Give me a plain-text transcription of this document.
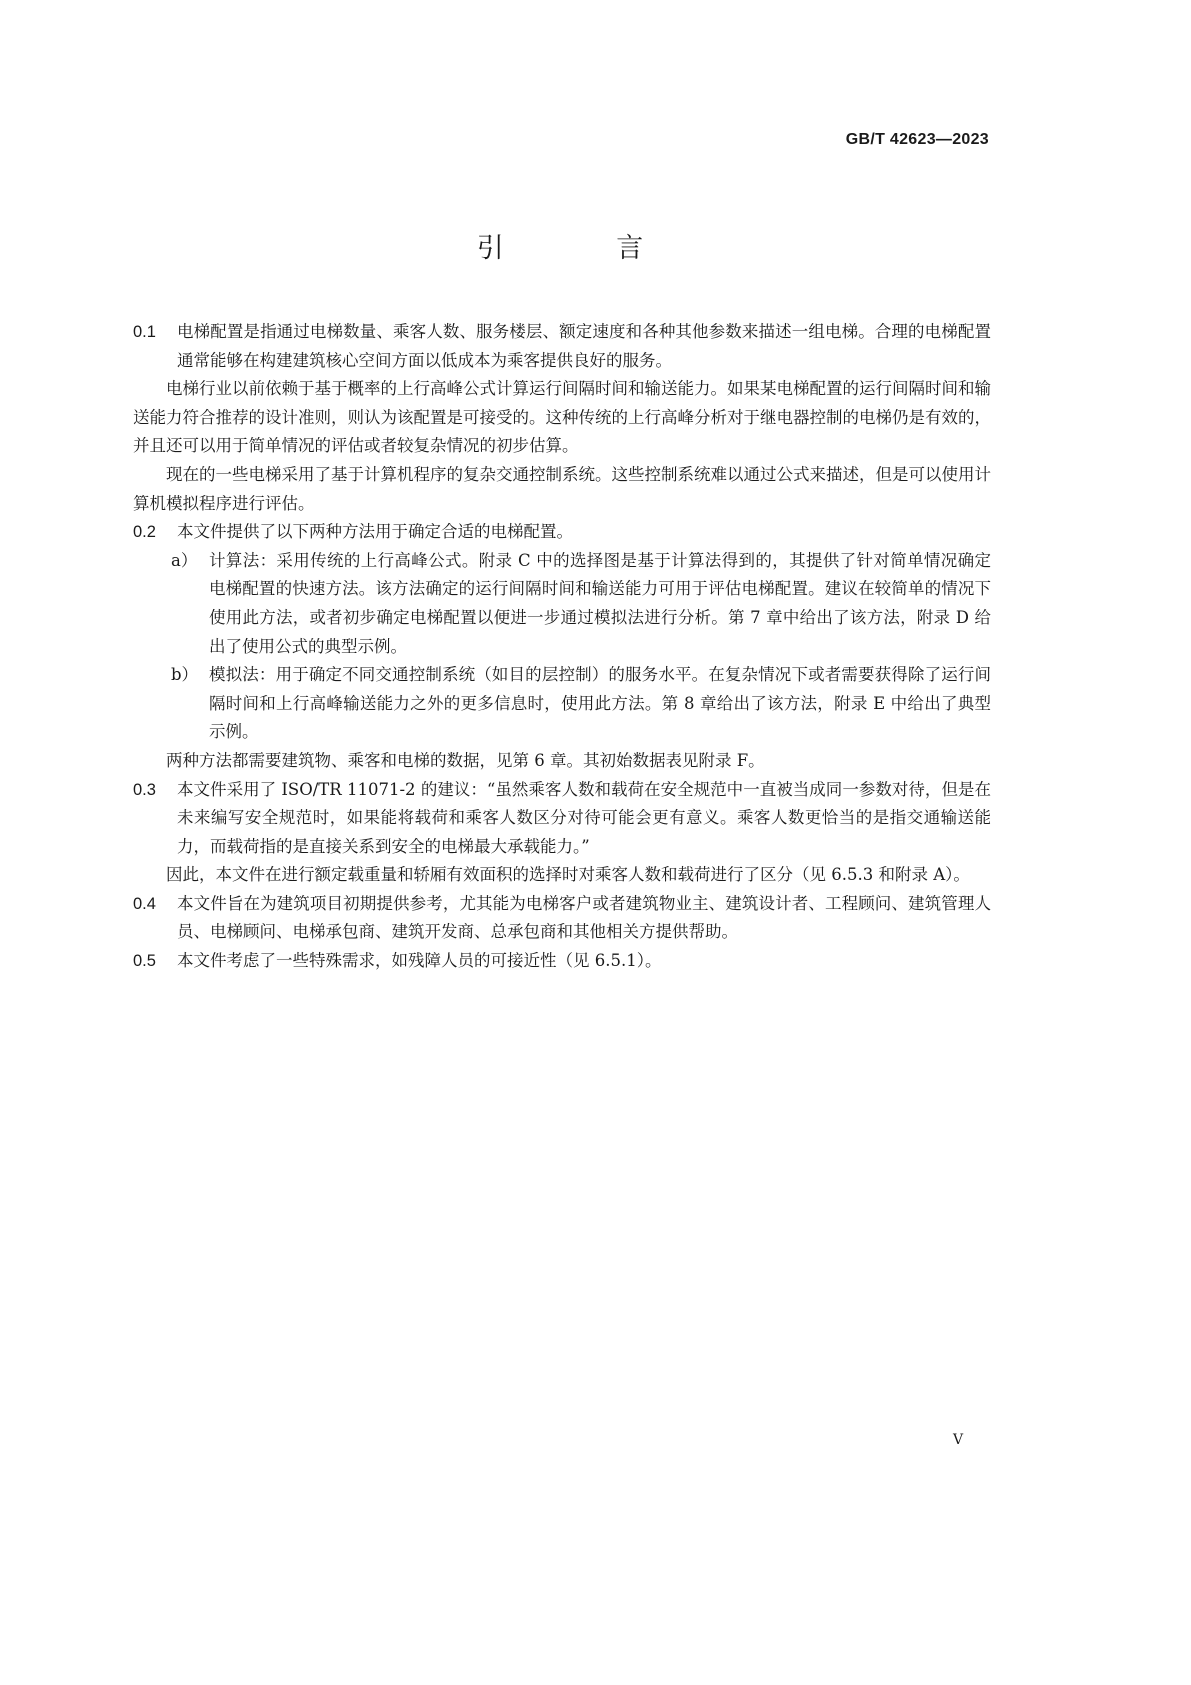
GB/T 42623—2023
引 言
0.1	电梯配置是指通过电梯数量、乘客人数、服务楼层、额定速度和各种其他参数来描述一组电梯。合理的电梯配置通常能够在构建建筑核心空间方面以低成本为乘客提供良好的服务。

电梯行业以前依赖于基于概率的上行高峰公式计算运行间隔时间和输送能力。如果某电梯配置的运行间隔时间和输送能力符合推荐的设计准则，则认为该配置是可接受的。这种传统的上行高峰分析对于继电器控制的电梯仍是有效的，并且还可以用于简单情况的评估或者较复杂情况的初步估算。

现在的一些电梯采用了基于计算机程序的复杂交通控制系统。这些控制系统难以通过公式来描述，但是可以使用计算机模拟程序进行评估。

0.2	本文件提供了以下两种方法用于确定合适的电梯配置。
a） 计算法：采用传统的上行高峰公式。附录 C 中的选择图是基于计算法得到的，其提供了针对简单情况确定电梯配置的快速方法。该方法确定的运行间隔时间和输送能力可用于评估电梯配置。建议在较简单的情况下使用此方法，或者初步确定电梯配置以便进一步通过模拟法进行分析。第 7 章中给出了该方法，附录 D 给出了使用公式的典型示例。
b） 模拟法：用于确定不同交通控制系统（如目的层控制）的服务水平。在复杂情况下或者需要获得除了运行间隔时间和上行高峰输送能力之外的更多信息时，使用此方法。第 8 章给出了该方法，附录 E 中给出了典型示例。

两种方法都需要建筑物、乘客和电梯的数据，见第 6 章。其初始数据表见附录 F。

0.3	本文件采用了 ISO/TR 11071-2 的建议：“虽然乘客人数和载荷在安全规范中一直被当成同一参数对待，但是在未来编写安全规范时，如果能将载荷和乘客人数区分对待可能会更有意义。乘客人数更恰当的是指交通输送能力，而载荷指的是直接关系到安全的电梯最大承载能力。”

因此，本文件在进行额定载重量和轿厢有效面积的选择时对乘客人数和载荷进行了区分（见 6.5.3 和附录 A）。

0.4	本文件旨在为建筑项目初期提供参考，尤其能为电梯客户或者建筑物业主、建筑设计者、工程顾问、建筑管理人员、电梯顾问、电梯承包商、建筑开发商、总承包商和其他相关方提供帮助。
0.5	本文件考虑了一些特殊需求，如残障人员的可接近性（见 6.5.1）。
V
